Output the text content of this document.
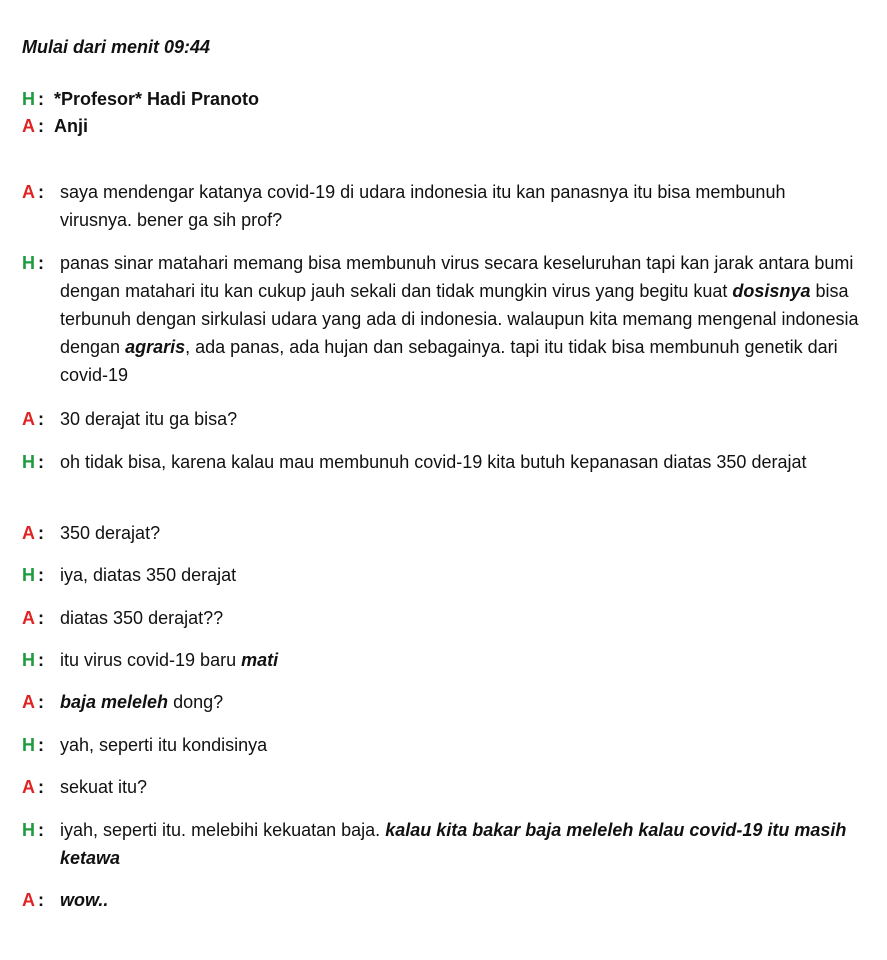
Mulai dari menit 09:44
H : *Profesor* Hadi Pranoto
A : Anji
A : saya mendengar katanya covid-19 di udara indonesia itu kan panasnya itu bisa membunuh virusnya. bener ga sih prof?
H : panas sinar matahari memang bisa membunuh virus secara keseluruhan tapi kan jarak antara bumi dengan matahari itu kan cukup jauh sekali dan tidak mungkin virus yang begitu kuat dosisnya bisa terbunuh dengan sirkulasi udara yang ada di indonesia. walaupun kita memang mengenal indonesia dengan agraris, ada panas, ada hujan dan sebagainya. tapi itu tidak bisa membunuh genetik dari covid-19
A : 30 derajat itu ga bisa?
H : oh tidak bisa, karena kalau mau membunuh covid-19 kita butuh kepanasan diatas 350 derajat
A : 350 derajat?
H : iya, diatas 350 derajat
A : diatas 350 derajat??
H : itu virus covid-19 baru mati
A : baja meleleh dong?
H : yah, seperti itu kondisinya
A : sekuat itu?
H : iyah, seperti itu. melebihi kekuatan baja. kalau kita bakar baja meleleh kalau covid-19 itu masih ketawa
A : wow..
